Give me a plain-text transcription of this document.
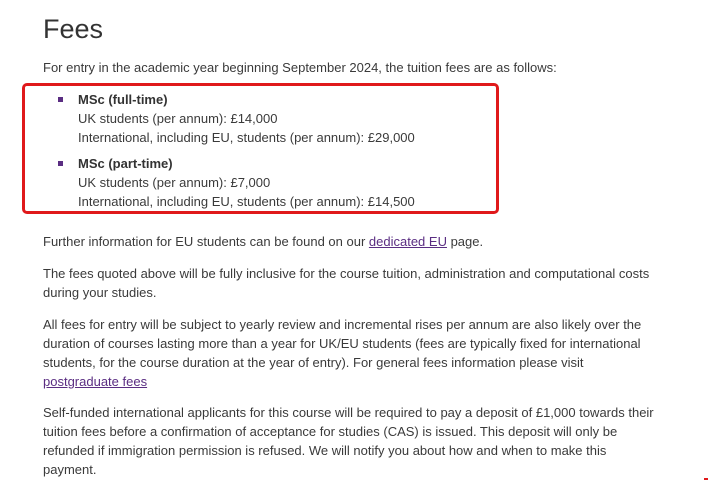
Fees

For entry in the academic year beginning September 2024, the tuition fees are as follows:

MSc (full-time)
UK students (per annum): £14,000
International, including EU, students (per annum): £29,000
MSc (part-time)
UK students (per annum): £7,000
International, including EU, students (per annum): £14,500

Further information for EU students can be found on our dedicated EU page.

The fees quoted above will be fully inclusive for the course tuition, administration and computational costs during your studies.

All fees for entry will be subject to yearly review and incremental rises per annum are also likely over the duration of courses lasting more than a year for UK/EU students (fees are typically fixed for international students, for the course duration at the year of entry). For general fees information please visit postgraduate fees

Self-funded international applicants for this course will be required to pay a deposit of £1,000 towards their tuition fees before a confirmation of acceptance for studies (CAS) is issued. This deposit will only be refunded if immigration permission is refused. We will notify you about how and when to make this payment.
